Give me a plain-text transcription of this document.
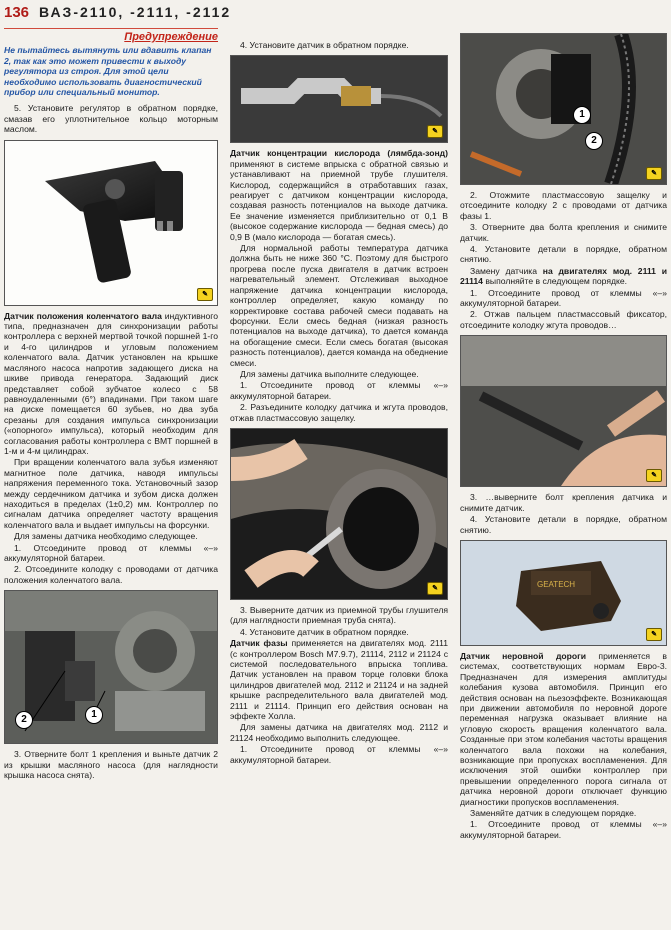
136 ВАЗ-2110, -2111, -2112
Предупреждение
Не пытайтесь вытянуть или вдавить клапан 2, так как это может привести к выходу регулятора из строя. Для этой цели необходимо использовать диагностический прибор или специальный монитор.

5. Установите регулятор в обратном порядке, смазав его уплотнительное кольцо моторным маслом.

✎

Датчик положения коленчатого вала индуктивного типа, предназначен для синхронизации работы контроллера с верхней мертвой точкой поршней 1-го и 4-го цилиндров и угловым положением коленчатого вала. Датчик установлен на крышке масляного насоса напротив задающего диска на шкиве привода генератора. Задающий диск представляет собой зубчатое колесо с 58 равноудаленными (6°) впадинами. При таком шаге на диске помещается 60 зубьев, но два зуба срезаны для создания импульса синхронизации («опорного» импульса), который необходим для согласования работы контроллера с ВМТ поршней в 1-м и 4-м цилиндрах.

При вращении коленчатого вала зубья изменяют магнитное поле датчика, наводя импульсы напряжения переменного тока. Установочный зазор между сердечником датчика и зубом диска должен находиться в пределах (1±0,2) мм. Контроллер по сигналам датчика определяет частоту вращения коленчатого вала и выдает импульсы на форсунки.

Для замены датчика необходимо следующее.

1. Отсоедините провод от клеммы «–» аккумуляторной батареи.

2. Отсоедините колодку с проводами от датчика положения коленчатого вала.

2	1

3. Отверните болт 1 крепления и выньте датчик 2 из крышки масляного насоса (для наглядности крышка насоса снята).

4. Установите датчик в обратном порядке.

✎

Датчик концентрации кислорода (лямбда-зонд) применяют в системе впрыска с обратной связью и устанавливают на приемной трубе глушителя. Кислород, содержащийся в отработавших газах, реагирует с датчиком концентрации кислорода, создавая разность потенциалов на выходе датчика. Ее значение изменяется приблизительно от 0,1 В (высокое содержание кислорода — бедная смесь) до 0,9 В (мало кислорода — богатая смесь).

Для нормальной работы температура датчика должна быть не ниже 360 °С. Поэтому для быстрого прогрева после пуска двигателя в датчик встроен нагревательный элемент. Отслеживая выходное напряжение датчика концентрации кислорода, контроллер определяет, какую команду по корректировке состава рабочей смеси подавать на форсунки. Если смесь бедная (низкая разность потенциалов на выходе датчика), то дается команда на обогащение смеси. Если смесь богатая (высокая разность потенциалов), дается команда на обеднение смеси.

Для замены датчика выполните следующее.

1. Отсоедините провод от клеммы «–» аккумуляторной батареи.

2. Разъедините колодку датчика и жгута проводов, отжав пластмассовую защелку.

✎

3. Выверните датчик из приемной трубы глушителя (для наглядности приемная труба снята).

4. Установите датчик в обратном порядке.

Датчик фазы применяется на двигателях мод. 2111 (с контроллером Bosch M7.9.7), 21114, 2112 и 21124 с системой последовательного впрыска топлива. Датчик установлен на правом торце головки блока цилиндров двигателей мод. 2112 и 21124 и на задней крышке распределительного вала двигателей мод. 2111 и 21114. Принцип его действия основан на эффекте Холла.

Для замены датчика на двигателях мод. 2112 и 21124 необходимо выполнить следующее.

1. Отсоедините провод от клеммы «–» аккумуляторной батареи.

1
2
✎

2. Отожмите пластмассовую защелку и отсоедините колодку 2 с проводами от датчика фазы 1.

3. Отверните два болта крепления и снимите датчик.

4. Установите детали в порядке, обратном снятию.

Замену датчика на двигателях мод. 2111 и 21114 выполняйте в следующем порядке.

1. Отсоедините провод от клеммы «–» аккумуляторной батареи.

2. Отжав пальцем пластмассовый фиксатор, отсоедините колодку жгута проводов…

✎

3. …выверните болт крепления датчика и снимите датчик.

4. Установите детали в порядке, обратном снятию.

GEATECH
✎

Датчик неровной дороги применяется в системах, соответствующих нормам Евро-3. Предназначен для измерения амплитуды колебания кузова автомобиля. Принцип его действия основан на пьезоэффекте. Возникающая при движении автомобиля по неровной дороге переменная нагрузка оказывает влияние на угловую скорость вращения коленчатого вала. Созданные при этом колебания частоты вращения коленчатого вала похожи на колебания, возникающие при пропусках воспламенения. Для исключения этой ошибки контроллер при превышении определенного порога сигнала от датчика неровной дороги отключает функцию диагностики пропусков воспламенения.

Заменяйте датчик в следующем порядке.

1. Отсоедините провод от клеммы «–» аккумуляторной батареи.
